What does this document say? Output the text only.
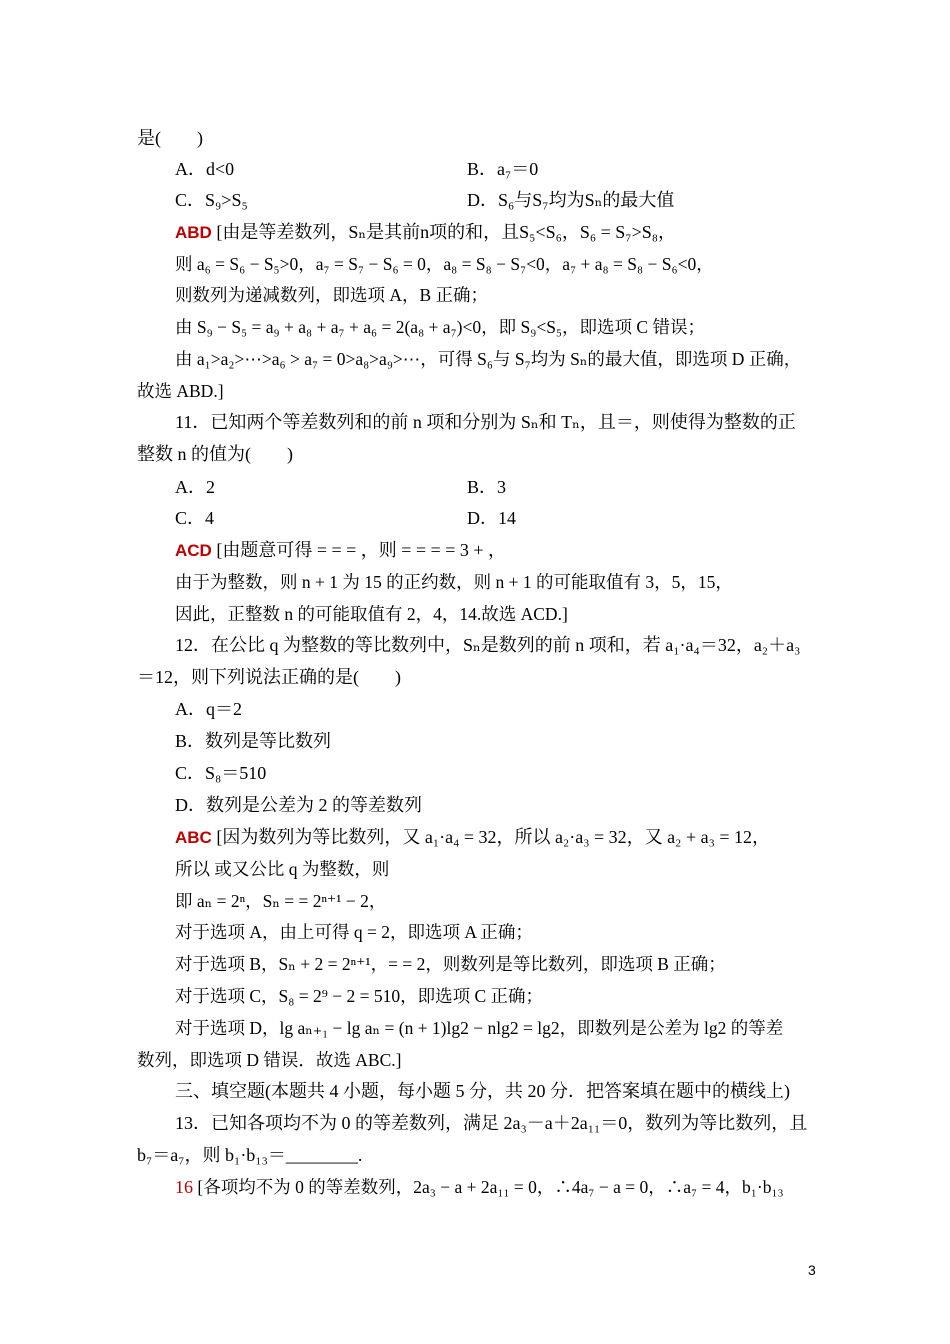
是(　　)
A．d<0	B．a₇＝0
C．S₉>S₅	D．S₆与S₇均为Sₙ的最大值
ABD [由是等差数列，Sₙ是其前n项的和，且S₅<S₆，S₆ = S₇>S₈，
则 a₆ = S₆ − S₅>0，a₇ = S₇ − S₆ = 0，a₈ = S₈ − S₇<0，a₇ + a₈ = S₈ − S₆<0，
则数列为递减数列，即选项 A，B 正确；
由 S₉ − S₅ = a₉ + a₈ + a₇ + a₆ = 2(a₈ + a₇)<0，即 S₉<S₅，即选项 C 错误；
由 a₁>a₂>⋯>a₆ > a₇ = 0>a₈>a₉>⋯，可得 S₆与 S₇均为 Sₙ的最大值，即选项 D 正确，
故选 ABD.]
11．已知两个等差数列和的前 n 项和分别为 Sₙ和 Tₙ，且＝，则使得为整数的正
整数 n 的值为(　　)
A．2	B．3
C．4	D．14
ACD [由题意可得 = = = ，则 = = = = 3 + ，
由于为整数，则 n + 1 为 15 的正约数，则 n + 1 的可能取值有 3，5，15，
因此，正整数 n 的可能取值有 2，4，14.故选 ACD.]
12．在公比 q 为整数的等比数列中，Sₙ是数列的前 n 项和，若 a₁·a₄＝32，a₂＋a₃
＝12，则下列说法正确的是(　　)
A．q＝2
B．数列是等比数列
C．S₈＝510
D．数列是公差为 2 的等差数列
ABC [因为数列为等比数列，又 a₁·a₄ = 32，所以 a₂·a₃ = 32，又 a₂ + a₃ = 12，
所以 或又公比 q 为整数，则
即 aₙ = 2ⁿ，Sₙ = = 2ⁿ⁺¹ − 2，
对于选项 A，由上可得 q = 2，即选项 A 正确；
对于选项 B，Sₙ + 2 = 2ⁿ⁺¹，= = 2，则数列是等比数列，即选项 B 正确；
对于选项 C，S₈ = 2⁹ − 2 = 510，即选项 C 正确；
对于选项 D，lg aₙ₊₁ − lg aₙ = (n + 1)lg2 − nlg2 = lg2，即数列是公差为 lg2 的等差
数列，即选项 D 错误．故选 ABC.]
三、填空题(本题共 4 小题，每小题 5 分，共 20 分．把答案填在题中的横线上)
13．已知各项均不为 0 的等差数列，满足 2a₃－a＋2a₁₁＝0，数列为等比数列，且
b₇＝a₇，则 b₁·b₁₃＝________.
16 [各项均不为 0 的等差数列，2a₃ − a + 2a₁₁ = 0，∴4a₇ − a = 0，∴a₇ = 4，b₁·b₁₃
3
